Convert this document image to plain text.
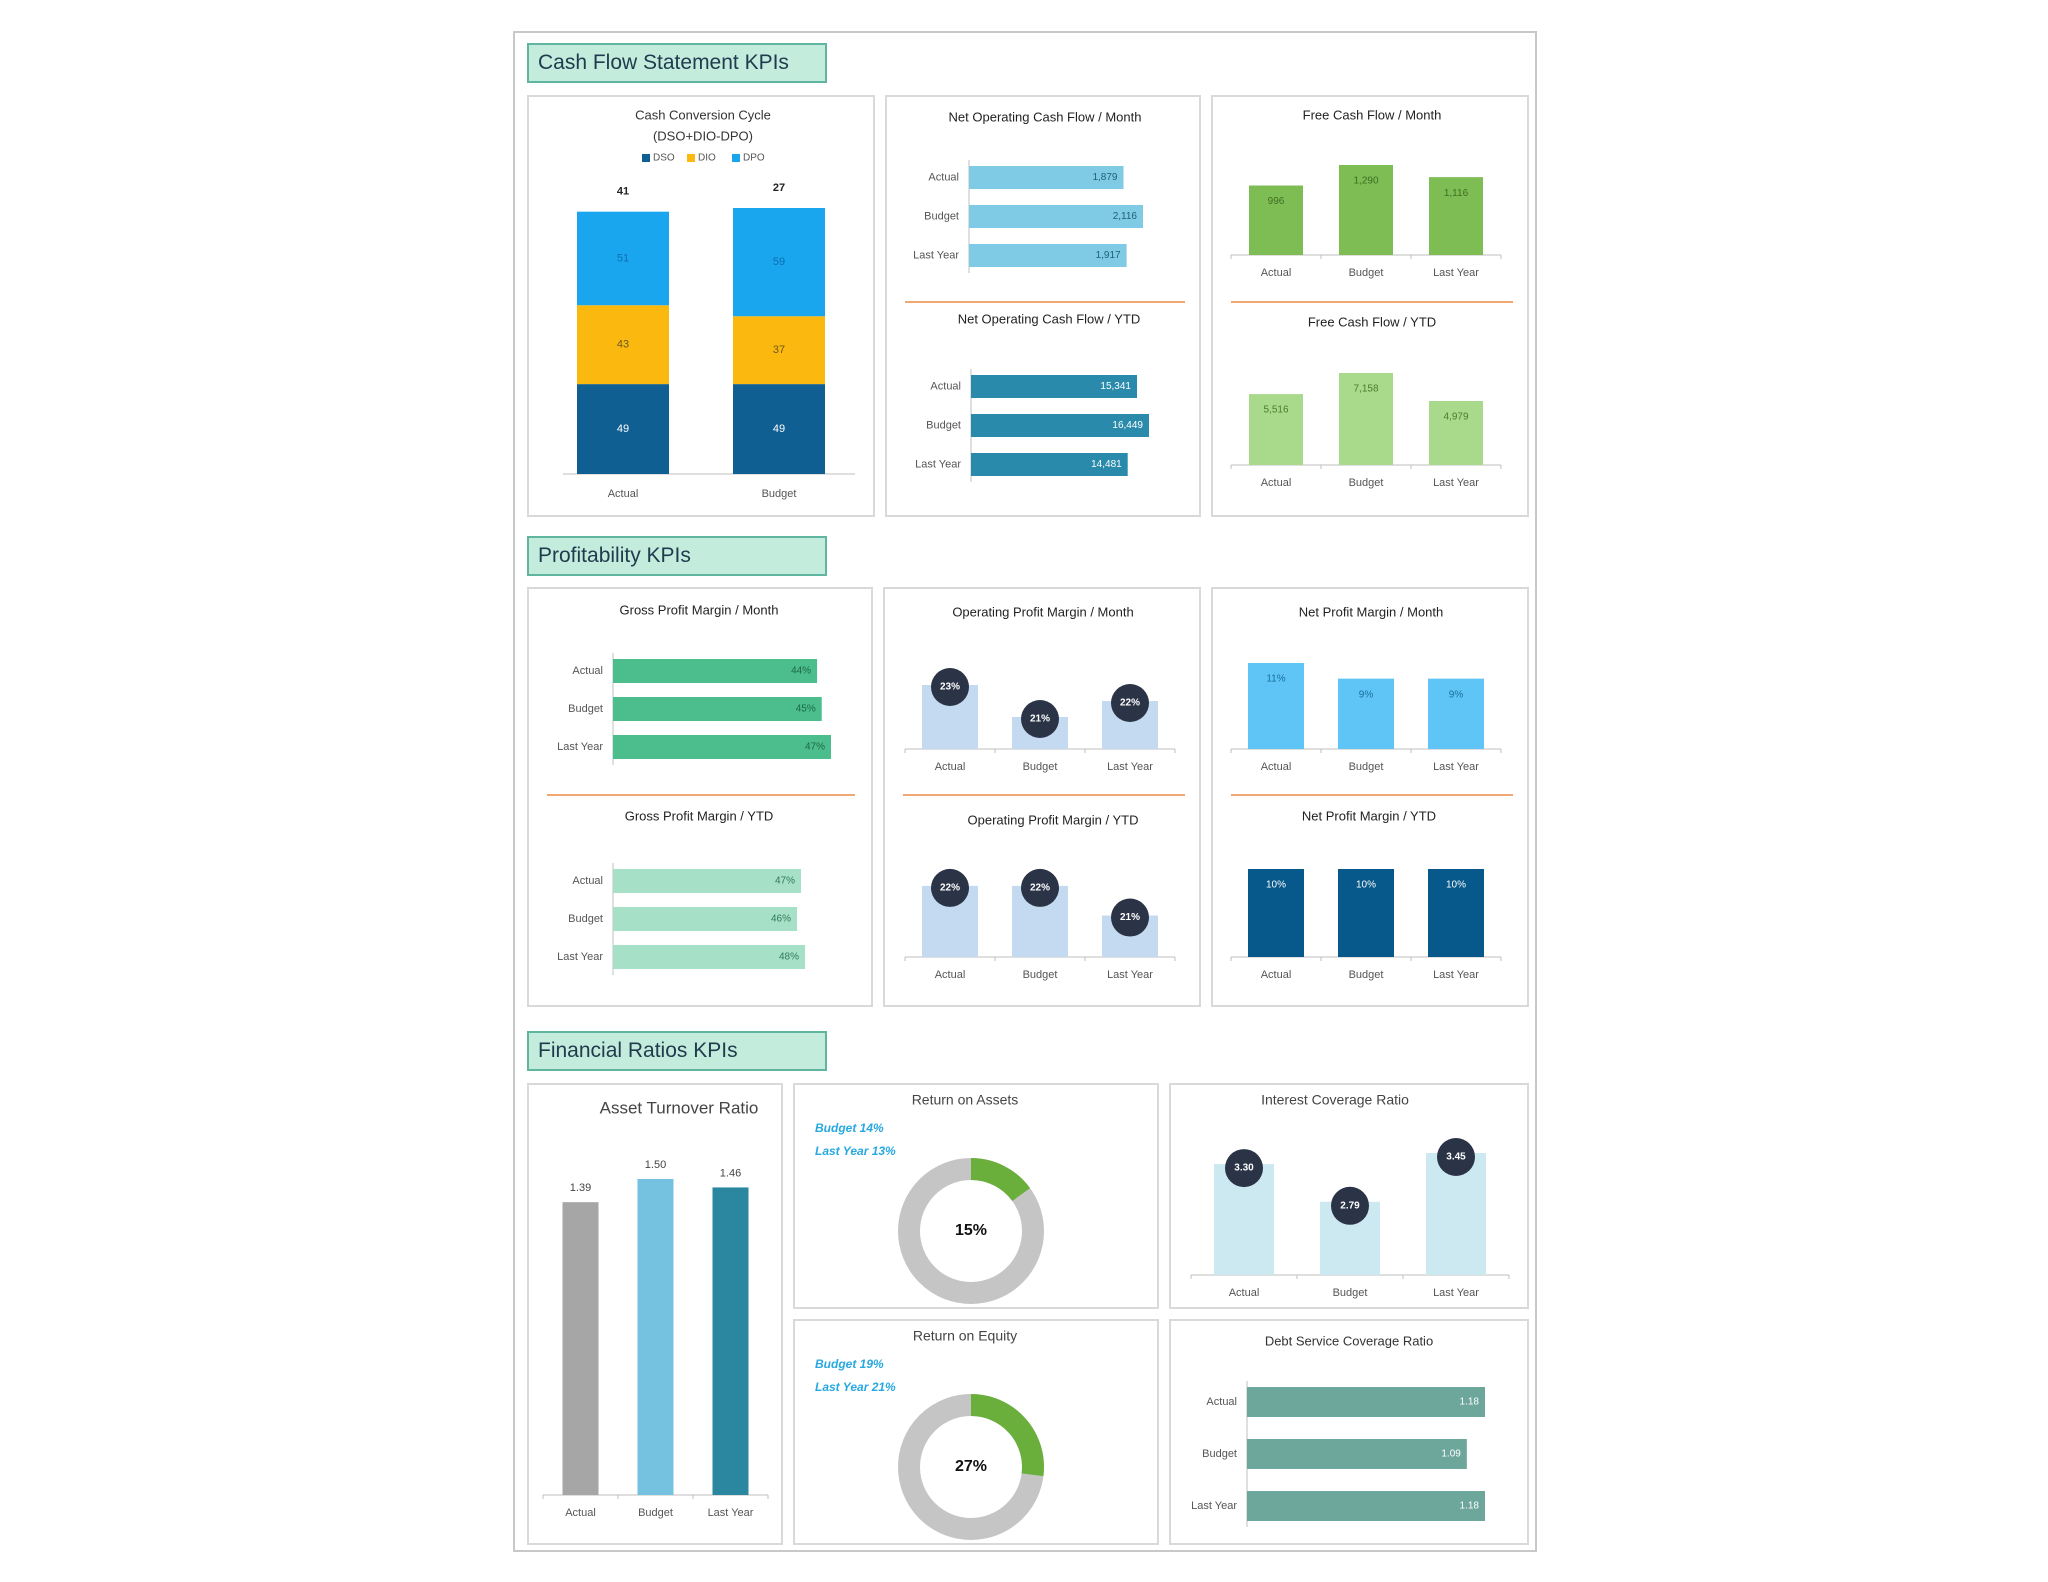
Cash Flow Statement KPIs
Cash Conversion Cycle
(DSO+DIO-DPO)
DSO DIO	DPO
49
43
51
41
Actual
49
37
59
27
Budget
Net Operating Cash Flow / Month
Actual	1,879
Budget	2,116
Last Year	1,917
Net Operating Cash Flow / YTD
Actual	15,341
Budget	16,449
Last Year	14,481
Free Cash Flow / Month
Actual
996
Budget
1,290
Last Year
1,116
Free Cash Flow / YTD
Actual
5,516
Budget
7,158
Last Year
4,979
Profitability KPIs
Gross Profit Margin / Month
Actual	44%
Budget	45%
Last Year	47%
Gross Profit Margin / YTD
Actual	47%
Budget	46%
Last Year	48%
Operating Profit Margin / Month
Actual
23%
Budget
21%
Last Year
22%
Operating Profit Margin / YTD
Actual
22%
Budget
22%
Last Year
21%
Net Profit Margin / Month
Actual
11%
Budget
9%
Last Year
9%
Net Profit Margin / YTD
Actual
10%
Budget
10%
Last Year
10%
Financial Ratios KPIs
Asset Turnover Ratio
Actual
1.39
Budget
1.50
Last Year
1.46
Return on Assets
Budget 14%
Last Year 13%
15%
Return on Equity
Budget 19%
Last Year 21%
27%
Interest Coverage Ratio
Actual
3.30
Budget
2.79
Last Year
3.45
Debt Service Coverage Ratio
Actual	1.18
Budget	1.09
Last Year	1.18
